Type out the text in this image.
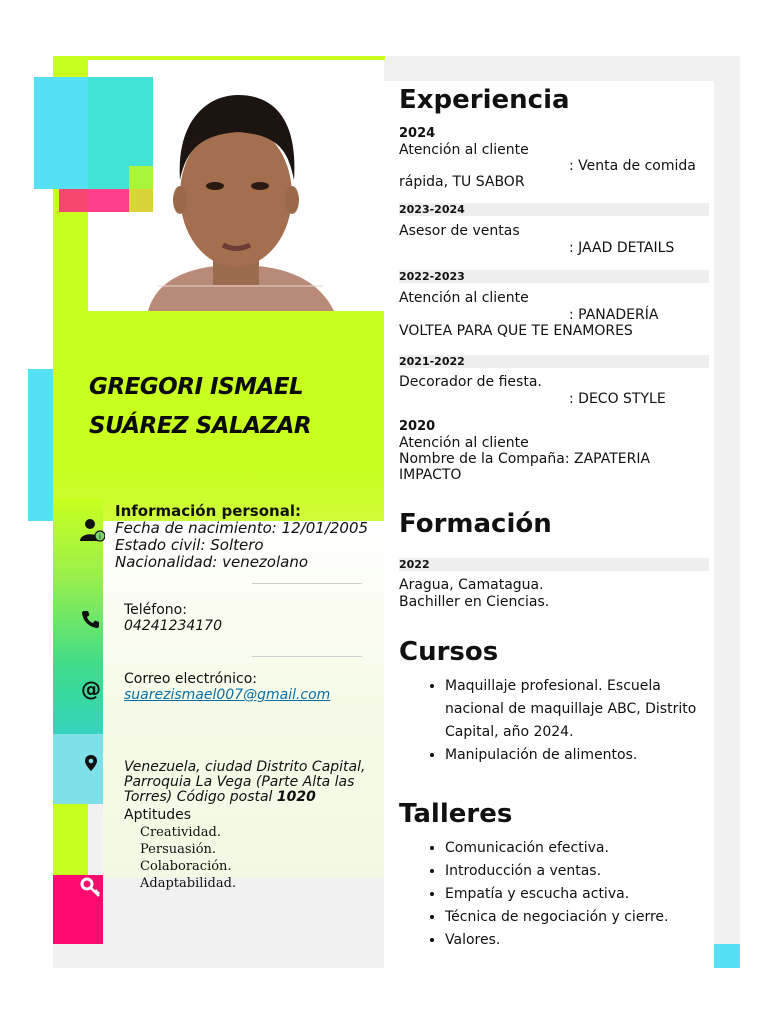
GREGORI ISMAEL
SUÁREZ SALAZAR
i
@
Información personal:
Fecha de nacimiento: 12/01/2005
Estado civil: Soltero
Nacionalidad: venezolano
Teléfono:
04241234170
Correo electrónico:
suarezismael007@gmail.com
Venezuela, ciudad Distrito Capital, Parroquia La Vega (Parte Alta las Torres) Código postal 1020
Aptitudes
Creatividad.
Persuasión.
Colaboración.
Adaptabilidad.
Experiencia
2024
Atención al cliente
: Venta de comida rápida, TU SABOR
2023-2024
Asesor de ventas
: JAAD DETAILS
2022-2023
Atención al cliente
: PANADERÍA VOLTEA PARA QUE TE ENAMORES
2021-2022
Decorador de fiesta.
: DECO STYLE
2020
Atención al cliente
Nombre de la Compaña: ZAPATERIA IMPACTO
Formación
2022
Aragua, Camatagua.
Bachiller en Ciencias.
Cursos
• Maquillaje profesional. Escuela nacional de maquillaje ABC, Distrito Capital, año 2024.
• Manipulación de alimentos.
Talleres
• Comunicación efectiva.
• Introducción a ventas.
• Empatía y escucha activa.
• Técnica de negociación y cierre.
• Valores.
